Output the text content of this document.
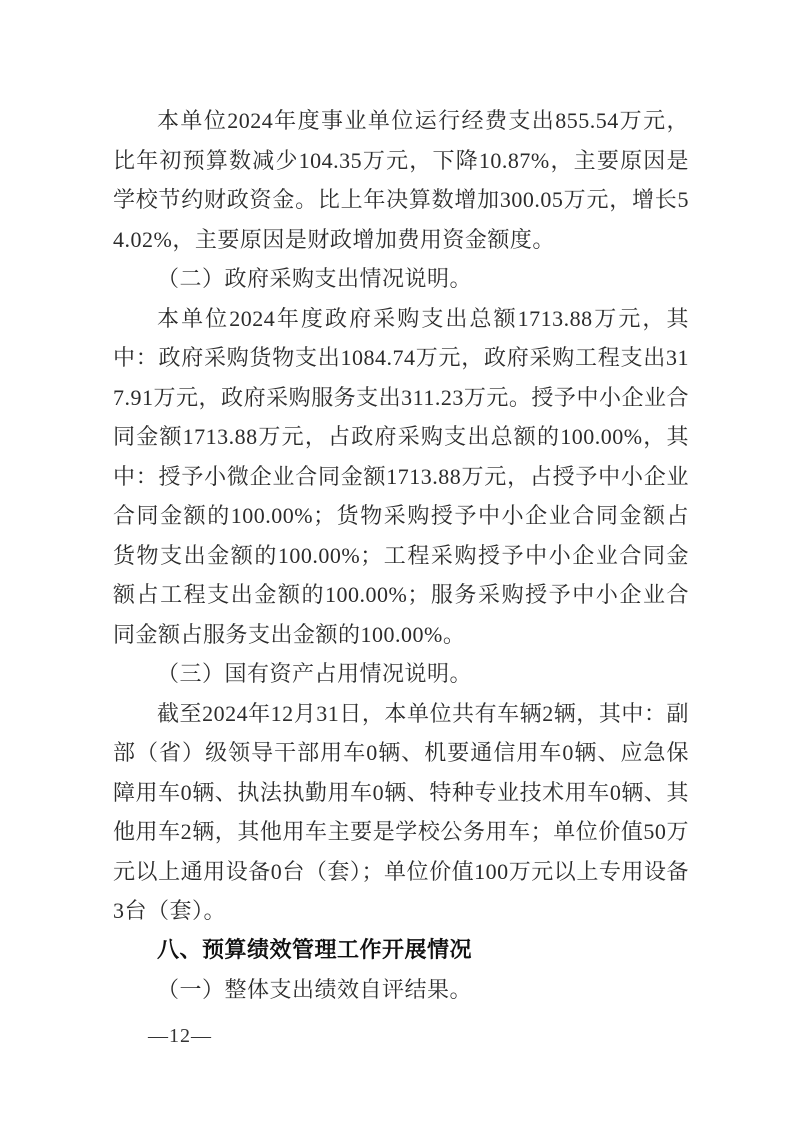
本单位2024年度事业单位运行经费支出855.54万元，比年初预算数减少104.35万元，下降10.87%，主要原因是学校节约财政资金。比上年决算数增加300.05万元，增长54.02%，主要原因是财政增加费用资金额度。

（二）政府采购支出情况说明。

本单位2024年度政府采购支出总额1713.88万元，其中：政府采购货物支出1084.74万元，政府采购工程支出317.91万元，政府采购服务支出311.23万元。授予中小企业合同金额1713.88万元，占政府采购支出总额的100.00%，其中：授予小微企业合同金额1713.88万元，占授予中小企业合同金额的100.00%；货物采购授予中小企业合同金额占货物支出金额的100.00%；工程采购授予中小企业合同金额占工程支出金额的100.00%；服务采购授予中小企业合同金额占服务支出金额的100.00%。

（三）国有资产占用情况说明。

截至2024年12月31日，本单位共有车辆2辆，其中：副部（省）级领导干部用车0辆、机要通信用车0辆、应急保障用车0辆、执法执勤用车0辆、特种专业技术用车0辆、其他用车2辆，其他用车主要是学校公务用车；单位价值50万元以上通用设备0台（套）；单位价值100万元以上专用设备 3台（套）。

八、预算绩效管理工作开展情况

（一）整体支出绩效自评结果。

—12—
